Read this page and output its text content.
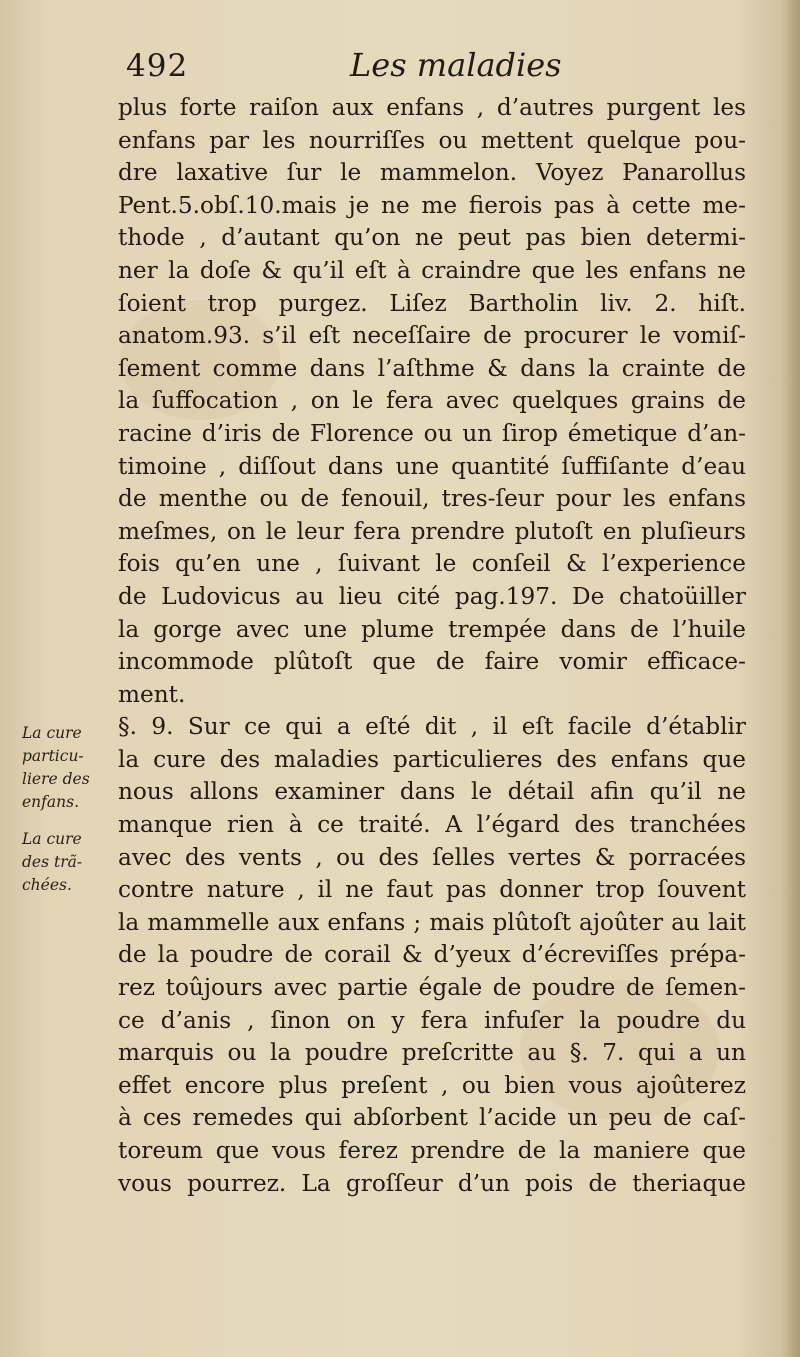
492	Les maladies
plus forte raiſon aux enfans , d’autres purgent les
enfans par les nourriſſes ou mettent quelque pou-
dre laxative ſur le mammelon. Voyez Panarollus
Pent.5.obſ.10.mais je ne me fierois pas à cette me-
thode , d’autant qu’on ne peut pas bien determi-
ner la doſe & qu’il eſt à craindre que les enfans ne
ſoient trop purgez. Liſez Bartholin liv. 2. hiſt.
anatom.93. s’il eſt neceſſaire de procurer le vomiſ-
ſement comme dans l’aſthme & dans la crainte de
la ſuffocation , on le fera avec quelques grains de
racine d’iris de Florence ou un ſirop émetique d’an-
timoine , diſſout dans une quantité ſuffiſante d’eau
de menthe ou de fenouil, tres-ſeur pour les enfans
meſmes, on le leur fera prendre plutoſt en pluſieurs
fois qu’en une , ſuivant le conſeil & l’experience
de Ludovicus au lieu cité pag.197. De chatoüiller
la gorge avec une plume trempée dans de l’huile
incommode plûtoſt que de faire vomir efficace-
ment.
§. 9. Sur ce qui a eſté dit , il eſt facile d’établir
la cure des maladies particulieres des enfans que
nous allons examiner dans le détail afin qu’il ne
manque rien à ce traité. A l’égard des tranchées
avec des vents , ou des ſelles vertes & porracées
contre nature , il ne faut pas donner trop ſouvent
la mammelle aux enfans ; mais plûtoſt ajoûter au lait
de la poudre de corail & d’yeux d’écreviſſes prépa-
rez toûjours avec partie égale de poudre de ſemen-
ce d’anis , ſinon on y fera infuſer la poudre du
marquis ou la poudre preſcritte au §. 7. qui a un
effet encore plus preſent , ou bien vous ajoûterez
à ces remedes qui abſorbent l’acide un peu de caſ-
toreum que vous ferez prendre de la maniere que
vous pourrez. La groſſeur d’un pois de theriaque
La cure
particu-
liere des
enfans.
La cure
des trã-
chées.
